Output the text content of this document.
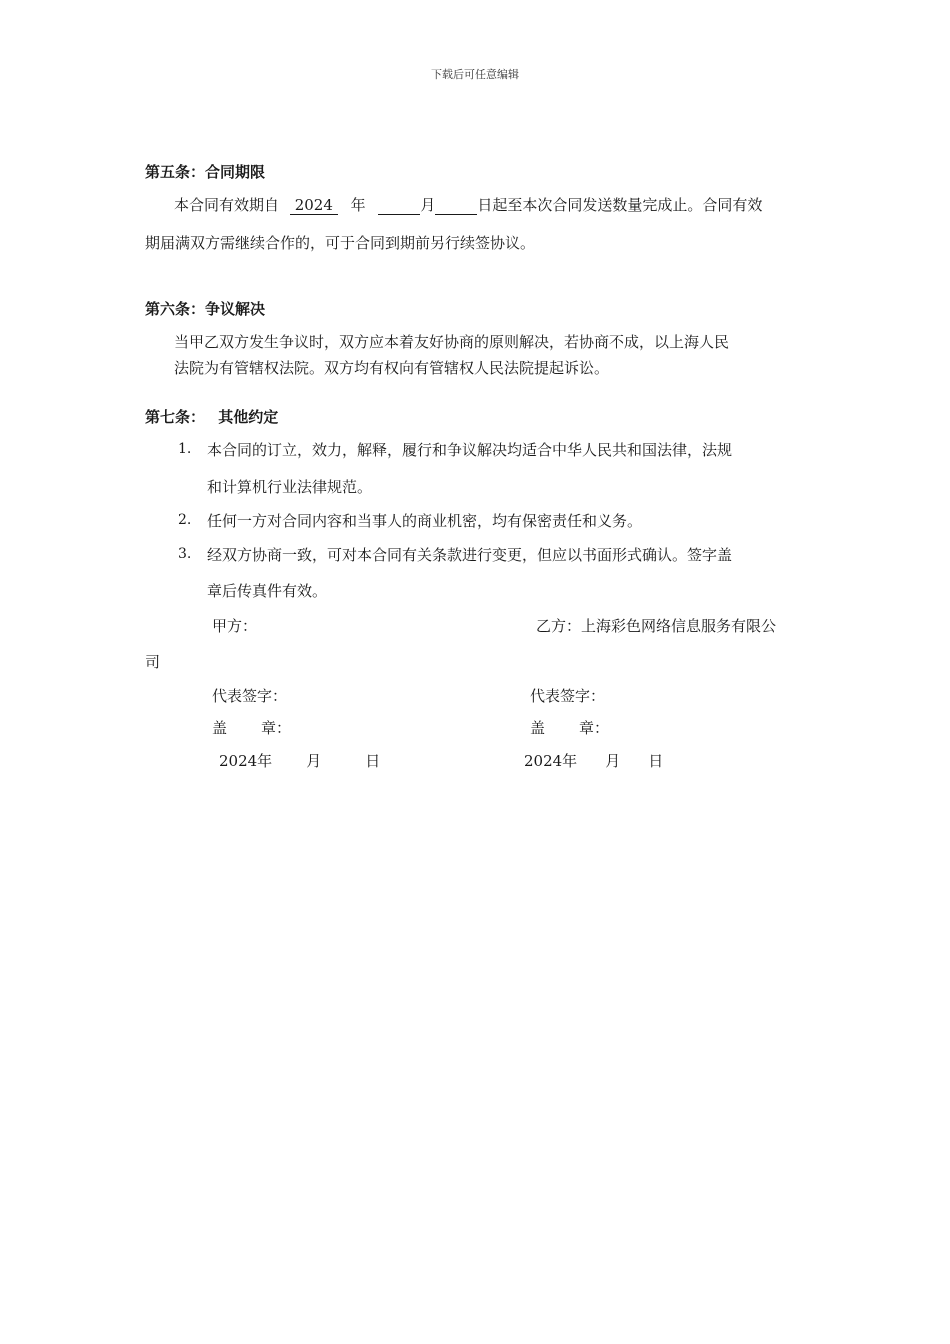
下载后可任意编辑
第五条：合同期限
本合同有效期自 2024 年	月	日起至本次合同发送数量完成止。合同有效
期届满双方需继续合作的，可于合同到期前另行续签协议。
第六条：争议解决
当甲乙双方发生争议时，双方应本着友好协商的原则解决，若协商不成，以上海人民
法院为有管辖权法院。双方均有权向有管辖权人民法院提起诉讼。
第七条： 其他约定
1. 本合同的订立，效力，解释，履行和争议解决均适合中华人民共和国法律，法规
和计算机行业法律规范。
2. 任何一方对合同内容和当事人的商业机密，均有保密责任和义务。
3. 经双方协商一致，可对本合同有关条款进行变更，但应以书面形式确认。签字盖
章后传真件有效。
甲方：	乙方：上海彩色网络信息服务有限公
司
代表签字：	代表签字：
盖 章：	盖 章：
2024年 月	日	2024年 月 日
